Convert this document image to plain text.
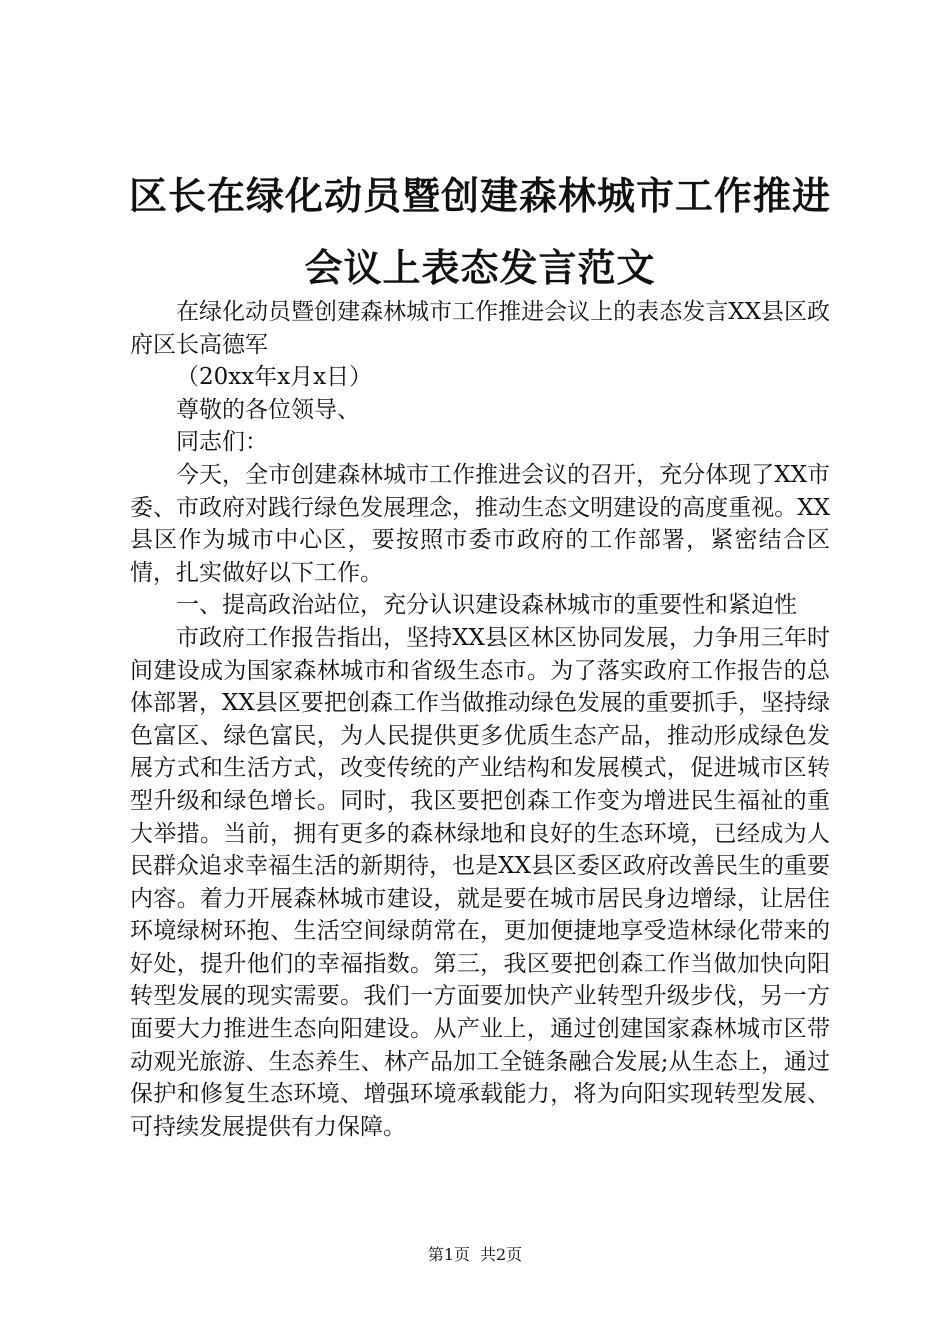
区长在绿化动员暨创建森林城市工作推进会议上表态发言范文

在绿化动员暨创建森林城市工作推进会议上的表态发言XX县区政府区长高德军

（20xx年x月x日）

尊敬的各位领导、

同志们：

今天，全市创建森林城市工作推进会议的召开，充分体现了XX市委、市政府对践行绿色发展理念，推动生态文明建设的高度重视。XX县区作为城市中心区，要按照市委市政府的工作部署，紧密结合区情，扎实做好以下工作。

一、提高政治站位，充分认识建设森林城市的重要性和紧迫性

市政府工作报告指出，坚持XX县区林区协同发展，力争用三年时间建设成为国家森林城市和省级生态市。为了落实政府工作报告的总体部署，XX县区要把创森工作当做推动绿色发展的重要抓手，坚持绿色富区、绿色富民，为人民提供更多优质生态产品，推动形成绿色发展方式和生活方式，改变传统的产业结构和发展模式，促进城市区转型升级和绿色增长。同时，我区要把创森工作变为增进民生福祉的重大举措。当前，拥有更多的森林绿地和良好的生态环境，已经成为人民群众追求幸福生活的新期待，也是XX县区委区政府改善民生的重要内容。着力开展森林城市建设，就是要在城市居民身边增绿，让居住环境绿树环抱、生活空间绿荫常在，更加便捷地享受造林绿化带来的好处，提升他们的幸福指数。第三，我区要把创森工作当做加快向阳转型发展的现实需要。我们一方面要加快产业转型升级步伐，另一方面要大力推进生态向阳建设。从产业上，通过创建国家森林城市区带动观光旅游、生态养生、林产品加工全链条融合发展;从生态上，通过保护和修复生态环境、增强环境承载能力，将为向阳实现转型发展、可持续发展提供有力保障。

第1页 共2页
